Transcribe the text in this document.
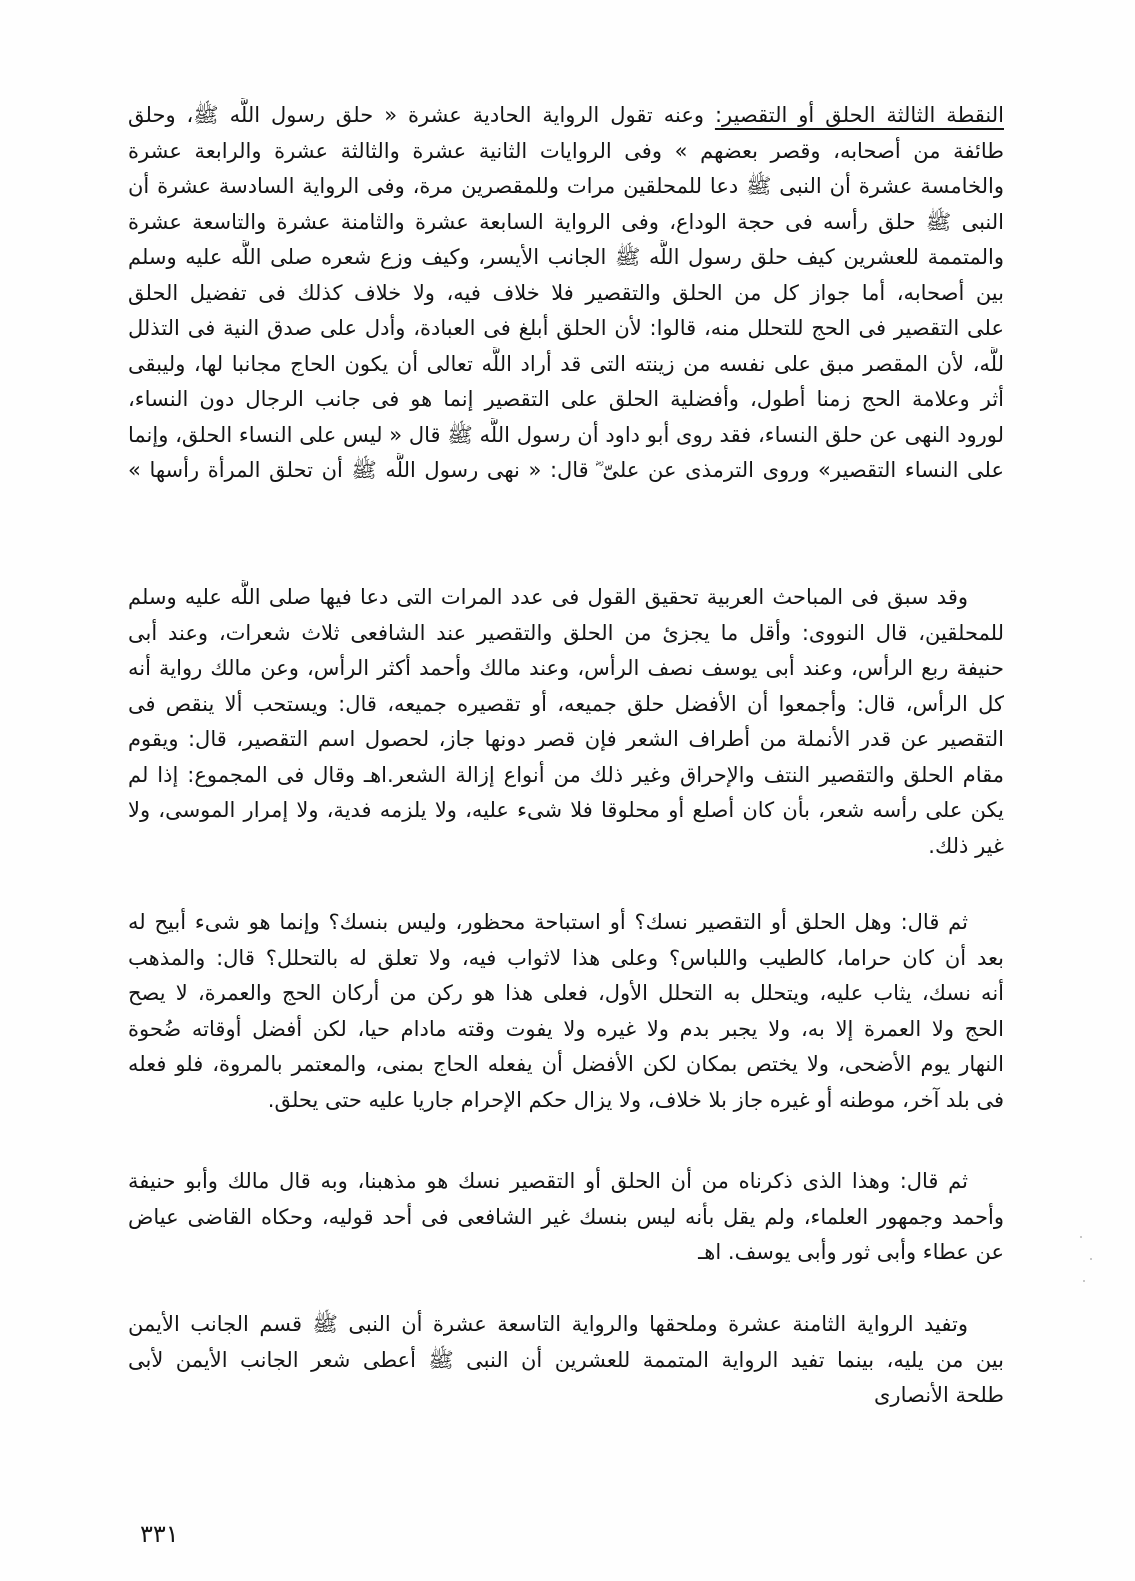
النقطة الثالثة الحلق أو التقصير: وعنه تقول الرواية الحادية عشرة « حلق رسول اللَّه ﷺ، وحلق
طائفة من أصحابه، وقصر بعضهم » وفى الروايات الثانية عشرة والثالثة عشرة والرابعة عشرة
والخامسة عشرة أن النبى ﷺ دعا للمحلقين مرات وللمقصرين مرة، وفى الرواية السادسة عشرة أن
النبى ﷺ حلق رأسه فى حجة الوداع، وفى الرواية السابعة عشرة والثامنة عشرة والتاسعة عشرة
والمتممة للعشرين كيف حلق رسول اللَّه ﷺ الجانب الأيسر، وكيف وزع شعره صلى اللَّه عليه وسلم
بين أصحابه، أما جواز كل من الحلق والتقصير فلا خلاف فيه، ولا خلاف كذلك فى تفضيل الحلق
على التقصير فى الحج للتحلل منه، قالوا: لأن الحلق أبلغ فى العبادة، وأدل على صدق النية فى التذلل
للَّه، لأن المقصر مبق على نفسه من زينته التى قد أراد اللَّه تعالى أن يكون الحاج مجانبا لها، وليبقى
أثر وعلامة الحج زمنا أطول، وأفضلية الحلق على التقصير إنما هو فى جانب الرجال دون النساء،
لورود النهى عن حلق النساء، فقد روى أبو داود أن رسول اللَّه ﷺ قال « ليس على النساء الحلق، وإنما
على النساء التقصير» وروى الترمذى عن علىّ ؓ قال: « نهى رسول اللَّه ﷺ أن تحلق المرأة رأسها »
وقد سبق فى المباحث العربية تحقيق القول فى عدد المرات التى دعا فيها صلى اللَّه عليه وسلم
للمحلقين، قال النووى: وأقل ما يجزئ من الحلق والتقصير عند الشافعى ثلاث شعرات، وعند أبى
حنيفة ربع الرأس، وعند أبى يوسف نصف الرأس، وعند مالك وأحمد أكثر الرأس، وعن مالك رواية أنه
كل الرأس، قال: وأجمعوا أن الأفضل حلق جميعه، أو تقصيره جميعه، قال: ويستحب ألا ينقص فى
التقصير عن قدر الأنملة من أطراف الشعر فإن قصر دونها جاز، لحصول اسم التقصير، قال: ويقوم
مقام الحلق والتقصير النتف والإحراق وغير ذلك من أنواع إزالة الشعر.اهـ وقال فى المجموع: إذا لم
يكن على رأسه شعر، بأن كان أصلع أو محلوقا فلا شىء عليه، ولا يلزمه فدية، ولا إمرار الموسى، ولا
غير ذلك.
ثم قال: وهل الحلق أو التقصير نسك؟ أو استباحة محظور، وليس بنسك؟ وإنما هو شىء أبيح له
بعد أن كان حراما، كالطيب واللباس؟ وعلى هذا لاثواب فيه، ولا تعلق له بالتحلل؟ قال: والمذهب
أنه نسك، يثاب عليه، ويتحلل به التحلل الأول، فعلى هذا هو ركن من أركان الحج والعمرة، لا يصح
الحج ولا العمرة إلا به، ولا يجبر بدم ولا غيره ولا يفوت وقته مادام حيا، لكن أفضل أوقاته ضُحوة
النهار يوم الأضحى، ولا يختص بمكان لكن الأفضل أن يفعله الحاج بمنى، والمعتمر بالمروة، فلو فعله
فى بلد آخر، موطنه أو غيره جاز بلا خلاف، ولا يزال حكم الإحرام جاريا عليه حتى يحلق.
ثم قال: وهذا الذى ذكرناه من أن الحلق أو التقصير نسك هو مذهبنا، وبه قال مالك وأبو حنيفة
وأحمد وجمهور العلماء، ولم يقل بأنه ليس بنسك غير الشافعى فى أحد قوليه، وحكاه القاضى عياض
عن عطاء وأبى ثور وأبى يوسف. اهـ
وتفيد الرواية الثامنة عشرة وملحقها والرواية التاسعة عشرة أن النبى ﷺ قسم الجانب الأيمن
بين من يليه، بينما تفيد الرواية المتممة للعشرين أن النبى ﷺ أعطى شعر الجانب الأيمن لأبى
طلحة الأنصارى
٣٣١
